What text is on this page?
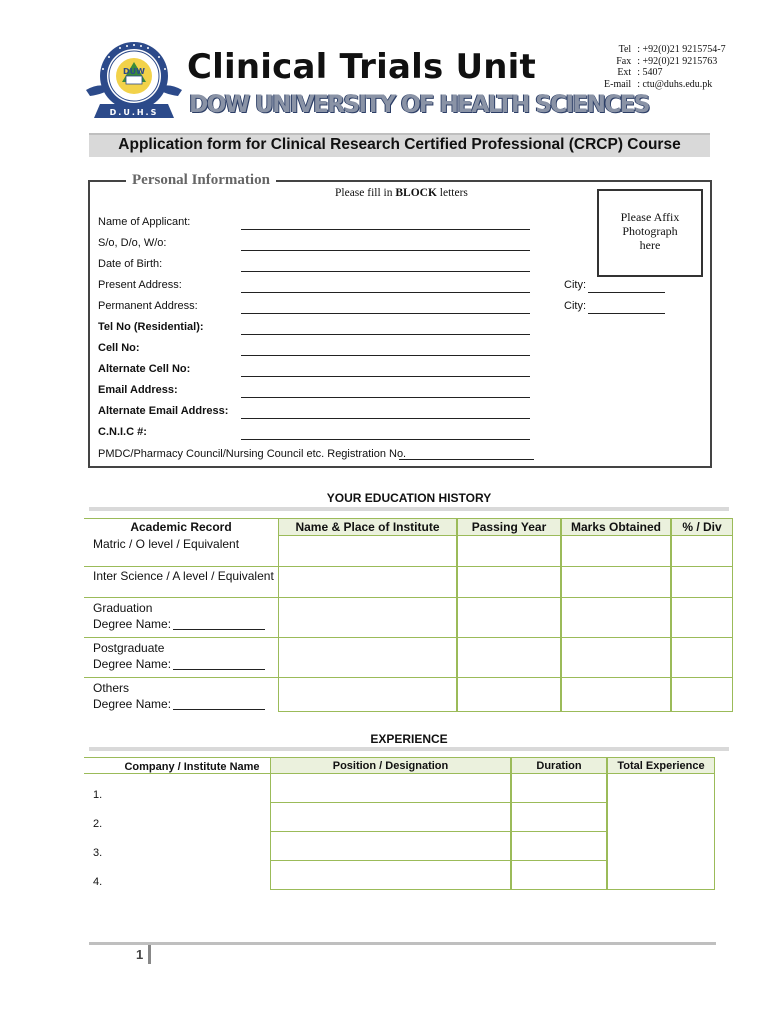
DUW
D.U.H.S
Clinical Trials Unit
DOW UNIVERSITY OF HEALTH SCIENCES
Tel	: +92(0)21 9215754-7
Fax	: +92(0)21 9215763
Ext	: 5407
E-mail	: ctu@duhs.edu.pk
Application form for Clinical Research Certified Professional (CRCP) Course
Personal Information
Please fill in BLOCK letters
Please Affix
Photograph
here
Name of Applicant:
S/o, D/o, W/o:
Date of Birth:
Present Address:	City:
Permanent Address:	City:
Tel No (Residential):
Cell No:
Alternate Cell No:
Email Address:
Alternate Email Address:
C.N.I.C #:
PMDC/Pharmacy Council/Nursing Council etc. Registration No.
YOUR EDUCATION HISTORY
Academic Record	Name & Place of Institute	Passing Year	Marks Obtained	% / Div
Matric / O level / Equivalent
Inter Science / A level / Equivalent
Graduation
Degree Name:
Postgraduate
Degree Name:
Others
Degree Name:
EXPERIENCE
Company / Institute Name	Position / Designation	Duration	Total Experience
1.
2.
3.
4.
1
